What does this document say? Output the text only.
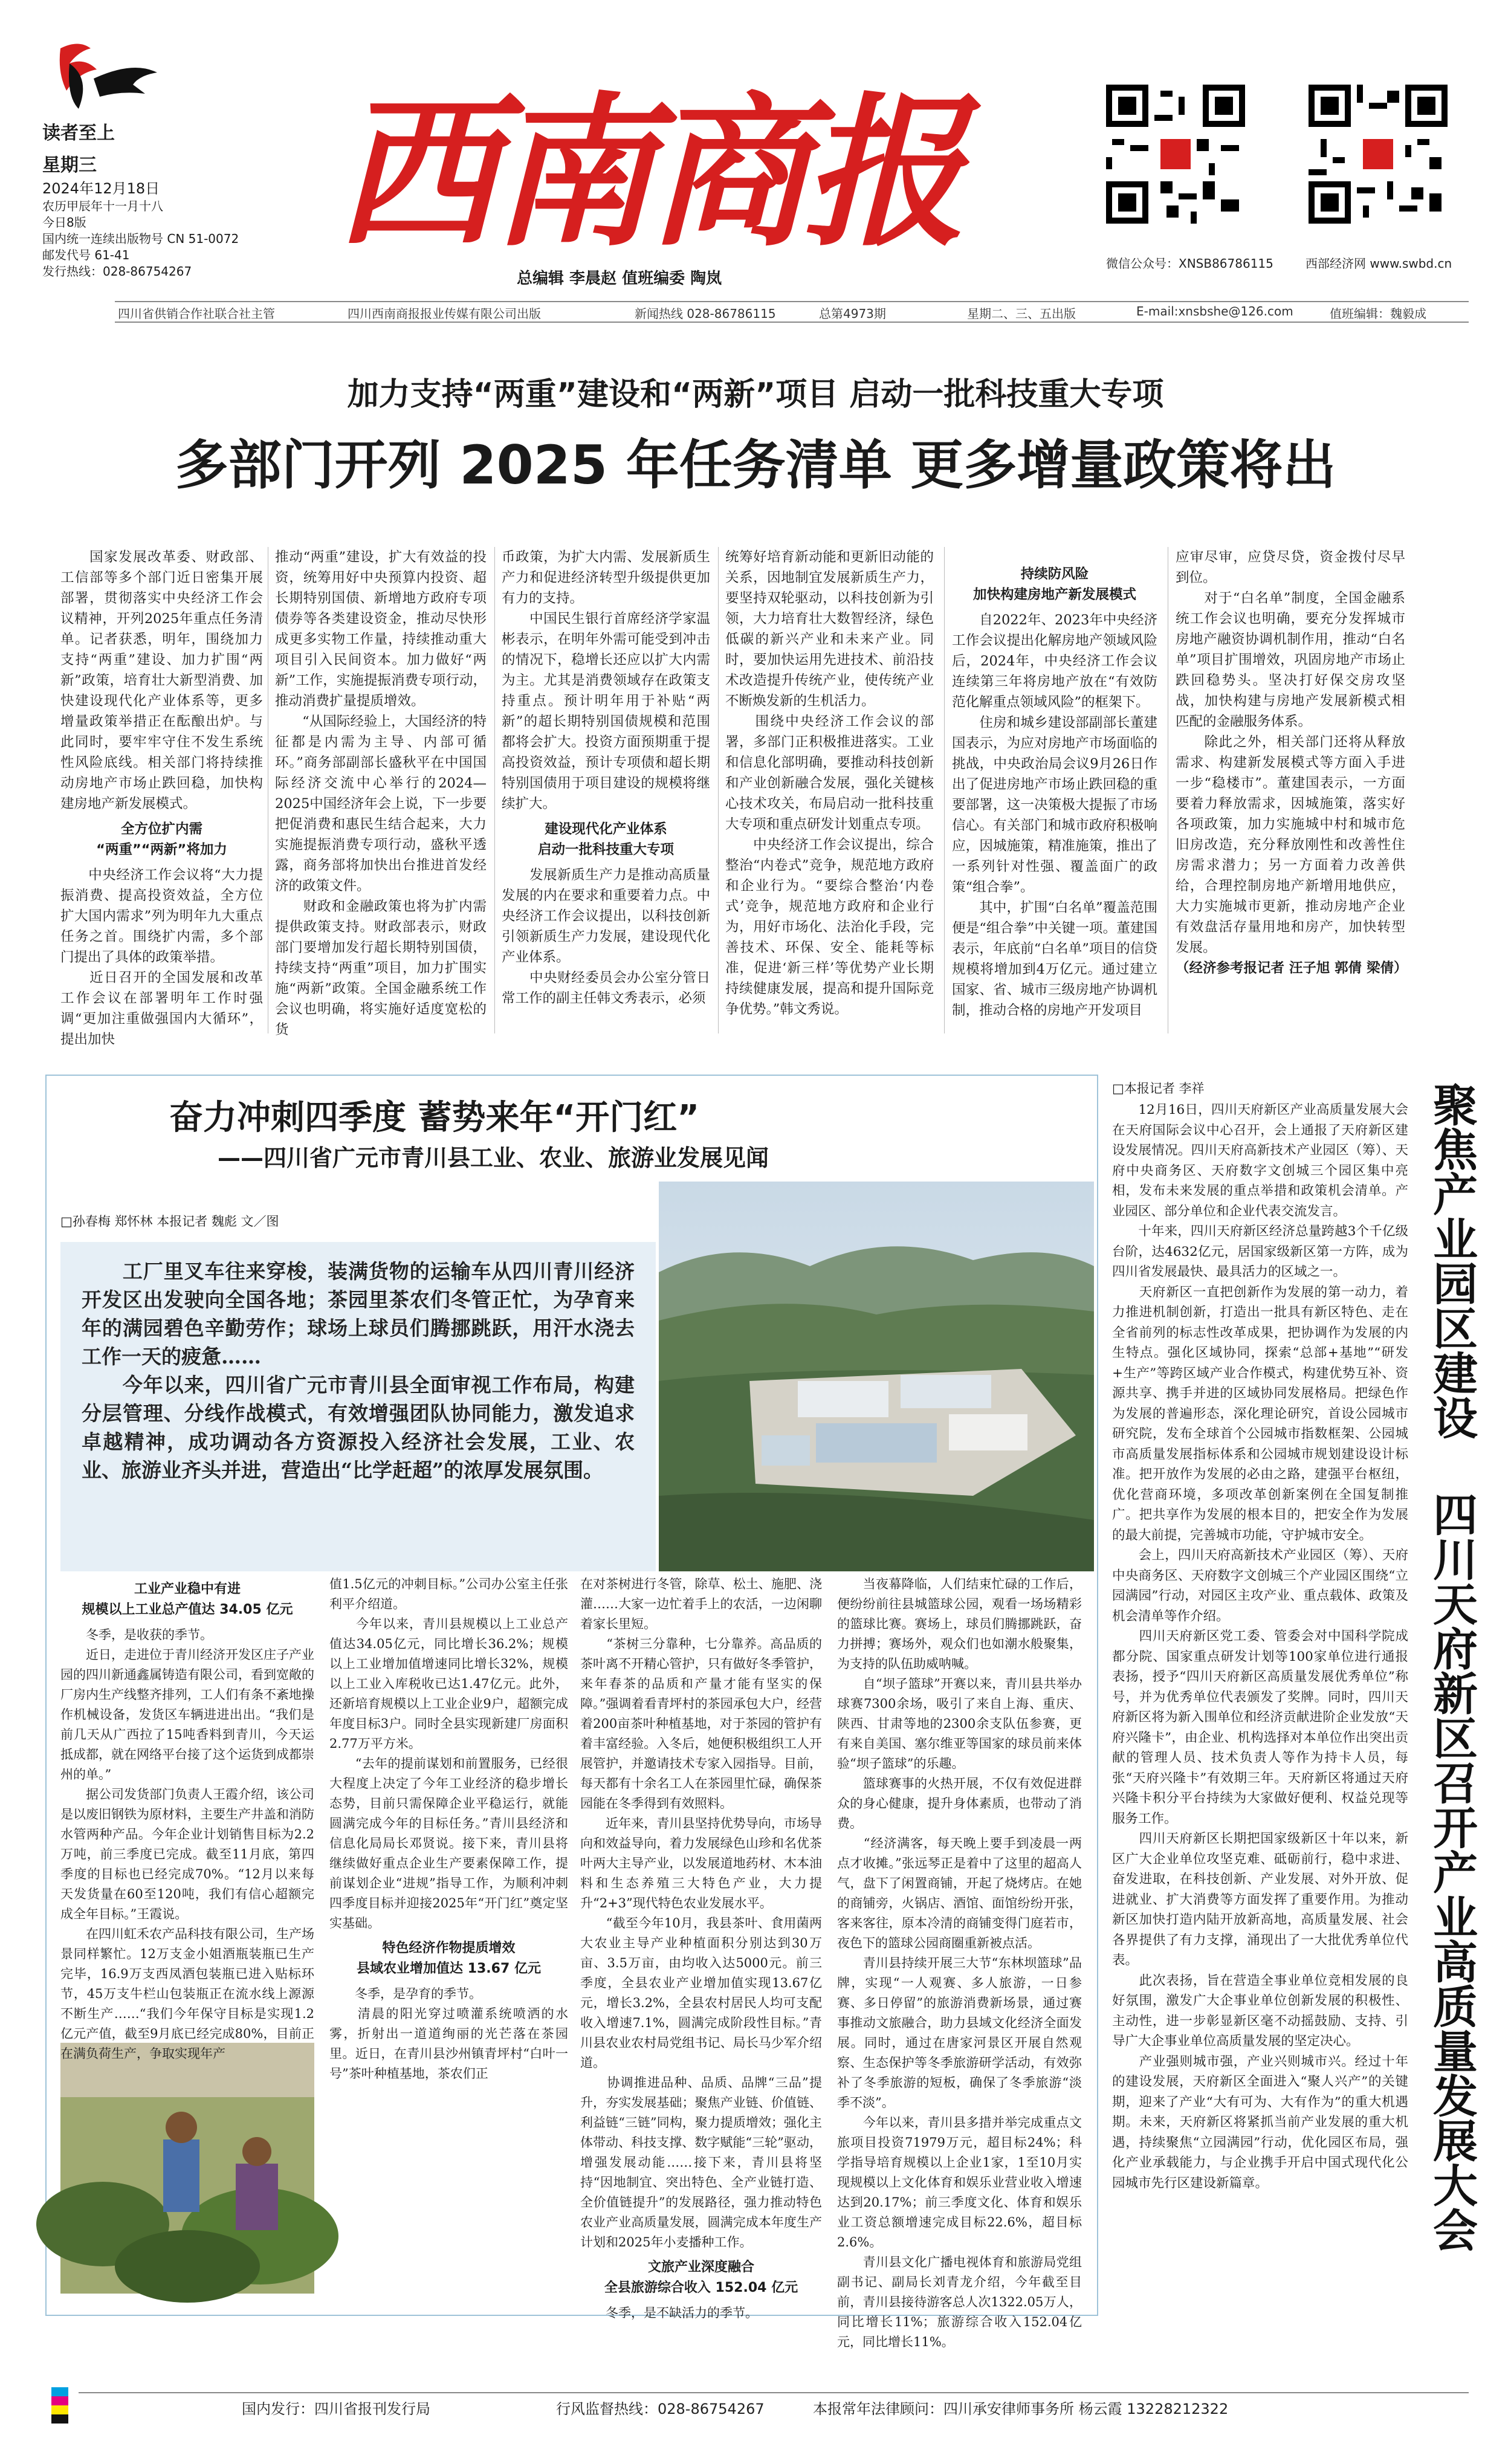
读者至上
星期三
2024年12月18日
农历甲辰年十一月十八
今日8版
国内统一连续出版物号 CN 51-0072
邮发代号 61-41
发行热线：028-86754267
西南商报
总编辑 李晨赵 值班编委 陶岚
微信公众号：XNSB86786115	西部经济网 www.swbd.cn
四川省供销合作社联合社主管	四川西南商报报业传媒有限公司出版	新闻热线 028-86786115	总第4973期	星期二、三、五出版	E-mail:xnsbshe@126.com	值班编辑：魏毅成
加力支持“两重”建设和“两新”项目 启动一批科技重大专项
多部门开列 2025 年任务清单 更多增量政策将出

　　国家发展改革委、财政部、工信部等多个部门近日密集开展部署，贯彻落实中央经济工作会议精神，开列2025年重点任务清单。记者获悉，明年，围绕加力支持“两重”建设、加力扩围“两新”政策，培育壮大新型消费、加快建设现代化产业体系等，更多增量政策举措正在酝酿出炉。与此同时，要牢牢守住不发生系统性风险底线。相关部门将持续推动房地产市场止跌回稳，加快构建房地产新发展模式。

全方位扩内需
“两重”“两新”将加力

　　中央经济工作会议将“大力提振消费、提高投资效益，全方位扩大国内需求”列为明年九大重点任务之首。围绕扩内需，多个部门提出了具体的政策举措。
　　近日召开的全国发展和改革工作会议在部署明年工作时强调“更加注重做强国内大循环”，提出加快

推动“两重”建设，扩大有效益的投资，统筹用好中央预算内投资、超长期特别国债、新增地方政府专项债券等各类建设资金，推动尽快形成更多实物工作量，持续推动重大项目引入民间资本。加力做好“两新”工作，实施提振消费专项行动，推动消费扩量提质增效。
　　“从国际经验上，大国经济的特征都是内需为主导、内部可循环。”商务部副部长盛秋平在中国国际经济交流中心举行的2024—2025中国经济年会上说，下一步要把促消费和惠民生结合起来，大力实施提振消费专项行动，盛秋平透露，商务部将加快出台推进首发经济的政策文件。
　　财政和金融政策也将为扩内需提供政策支持。财政部表示，财政部门要增加发行超长期特别国债，持续支持“两重”项目，加力扩围实施“两新”政策。全国金融系统工作会议也明确，将实施好适度宽松的货

币政策，为扩大内需、发展新质生产力和促进经济转型升级提供更加有力的支持。
　　中国民生银行首席经济学家温彬表示，在明年外需可能受到冲击的情况下，稳增长还应以扩大内需为主。尤其是消费领域存在政策支持重点。预计明年用于补贴“两新”的超长期特别国债规模和范围都将会扩大。投资方面预期重于提高投资效益，预计专项债和超长期特别国债用于项目建设的规模将继续扩大。

建设现代化产业体系
启动一批科技重大专项

　　发展新质生产力是推动高质量发展的内在要求和重要着力点。中央经济工作会议提出，以科技创新引领新质生产力发展，建设现代化产业体系。
　　中央财经委员会办公室分管日常工作的副主任韩文秀表示，必须

统筹好培育新动能和更新旧动能的关系，因地制宜发展新质生产力，要坚持双轮驱动，以科技创新为引领，大力培育壮大数智经济，绿色低碳的新兴产业和未来产业。同时，要加快运用先进技术、前沿技术改造提升传统产业，使传统产业不断焕发新的生机活力。
　　围绕中央经济工作会议的部署，多部门正积极推进落实。工业和信息化部明确，要推动科技创新和产业创新融合发展，强化关键核心技术攻关，布局启动一批科技重大专项和重点研发计划重点专项。
　　中央经济工作会议提出，综合整治“内卷式”竞争，规范地方政府和企业行为。“要综合整治‘内卷式’竞争，规范地方政府和企业行为，用好市场化、法治化手段，完善技术、环保、安全、能耗等标准，促进‘新三样’等优势产业长期持续健康发展，提高和提升国际竞争优势。”韩文秀说。

持续防风险
加快构建房地产新发展模式

　　自2022年、2023年中央经济工作会议提出化解房地产领域风险后，2024年，中央经济工作会议连续第三年将房地产放在“有效防范化解重点领域风险”的框架下。
　　住房和城乡建设部副部长董建国表示，为应对房地产市场面临的挑战，中央政治局会议9月26日作出了促进房地产市场止跌回稳的重要部署，这一决策极大提振了市场信心。有关部门和城市政府积极响应，因城施策，精准施策，推出了一系列针对性强、覆盖面广的政策“组合拳”。
　　其中，扩围“白名单”覆盖范围便是“组合拳”中关键一项。董建国表示，年底前“白名单”项目的信贷规模将增加到4万亿元。通过建立国家、省、城市三级房地产协调机制，推动合格的房地产开发项目

应审尽审，应贷尽贷，资金拨付尽早到位。
　　对于“白名单”制度，全国金融系统工作会议也明确，要充分发挥城市房地产融资协调机制作用，推动“白名单”项目扩围增效，巩固房地产市场止跌回稳势头。坚决打好保交房攻坚战，加快构建与房地产发展新模式相匹配的金融服务体系。
　　除此之外，相关部门还将从释放需求、构建新发展模式等方面入手进一步“稳楼市”。董建国表示，一方面要着力释放需求，因城施策，落实好各项政策，加力实施城中村和城市危旧房改造，充分释放刚性和改善性住房需求潜力；另一方面着力改善供给，合理控制房地产新增用地供应，大力实施城市更新，推动房地产企业有效盘活存量用地和房产，加快转型发展。

（经济参考报记者 汪子旭 郭倩 梁倩）

奋力冲刺四季度 蓄势来年“开门红”
——四川省广元市青川县工业、农业、旅游业发展见闻
□孙春梅 郑怀林 本报记者 魏彪 文／图

　　工厂里叉车往来穿梭，装满货物的运输车从四川青川经济开发区出发驶向全国各地；茶园里茶农们冬管正忙，为孕育来年的满园碧色辛勤劳作；球场上球员们腾挪跳跃，用汗水浇去工作一天的疲惫……
　　今年以来，四川省广元市青川县全面审视工作布局，构建分层管理、分线作战模式，有效增强团队协同能力，激发追求卓越精神，成功调动各方资源投入经济社会发展，工业、农业、旅游业齐头并进，营造出“比学赶超”的浓厚发展氛围。

工业产业稳中有进
规模以上工业总产值达 34.05 亿元

　　冬季，是收获的季节。
　　近日，走进位于青川经济开发区庄子产业园的四川新通鑫属铸造有限公司，看到宽敞的厂房内生产线整齐排列，工人们有条不紊地操作机械设备，发货区车辆进进出出。“我们是前几天从广西拉了15吨香料到青川，今天运抵成都，就在网络平台接了这个运货到成都崇州的单。”
　　据公司发货部门负责人王霞介绍，该公司是以废旧钢铁为原材料，主要生产井盖和消防水管两种产品。今年企业计划销售目标为2.2万吨，前三季度已完成。截至11月底，第四季度的目标也已经完成70%。“12月以来每天发货量在60至120吨，我们有信心超额完成全年目标。”王霞说。
　　在四川虹禾农产品科技有限公司，生产场景同样繁忙。12万支金小姐酒瓶装瓶已生产完毕，16.9万支西凤酒包装瓶已进入贴标环节，45万支牛栏山包装瓶正在流水线上源源不断生产……“我们今年保守目标是实现1.2亿元产值，截至9月底已经完成80%，目前正在满负荷生产，争取实现年产

值1.5亿元的冲刺目标。”公司办公室主任张利平介绍道。
　　今年以来，青川县规模以上工业总产值达34.05亿元，同比增长36.2%；规模以上工业增加值增速同比增长32%，规模以上工业入库税收已达1.47亿元。此外，还新培育规模以上工业企业9户，超额完成年度目标3户。同时全县实现新建厂房面积2.77万平方米。
　　“去年的提前谋划和前置服务，已经很大程度上决定了今年工业经济的稳步增长态势，目前只需保障企业平稳运行，就能圆满完成今年的目标任务。”青川县经济和信息化局局长邓贤说。接下来，青川县将继续做好重点企业生产要素保障工作，提前谋划企业“进规”指导工作，为顺利冲刺四季度目标并迎接2025年“开门红”奠定坚实基础。

特色经济作物提质增效
县域农业增加值达 13.67 亿元

　　冬季，是孕育的季节。
　　清晨的阳光穿过喷灌系统喷洒的水雾，折射出一道道绚丽的光芒落在茶园里。近日，在青川县沙州镇青坪村“白叶一号”茶叶种植基地，茶农们正

在对茶树进行冬管，除草、松土、施肥、浇灌……大家一边忙着手上的农活，一边闲聊着家长里短。
　　“茶树三分靠种，七分靠养。高品质的茶叶离不开精心管护，只有做好冬季管护，来年春茶的品质和产量才能有坚实的保障。”强调着看青坪村的茶园承包大户，经营着200亩茶叶种植基地，对于茶园的管护有着丰富经验。入冬后，她便积极组织工人开展管护，并邀请技术专家入园指导。目前，每天都有十余名工人在茶园里忙碌，确保茶园能在冬季得到有效照料。
　　近年来，青川县坚持优势导向，市场导向和效益导向，着力发展绿色山珍和名优茶叶两大主导产业，以发展道地药材、木本油料和生态养殖三大特色产业，大力提升“2+3”现代特色农业发展水平。
　　“截至今年10月，我县茶叶、食用菌两大农业主导产业种植面积分别达到30万亩、3.5万亩，由均收入达5000元。前三季度，全县农业产业增加值实现13.67亿元，增长3.2%，全县农村居民人均可支配收入增速7.1%，圆满完成阶段性目标。”青川县农业农村局党组书记、局长马少军介绍道。
　　协调推进品种、品质、品牌“三品”提升，夯实发展基础；聚焦产业链、价值链、利益链“三链”同构，聚力提质增效；强化主体带动、科技支撑、数字赋能“三轮”驱动，增强发展动能……接下来，青川县将坚持“因地制宜、突出特色、全产业链打造、全价值链提升”的发展路径，强力推动特色农业产业高质量发展，圆满完成本年度生产计划和2025年小麦播种工作。

文旅产业深度融合
全县旅游综合收入 152.04 亿元

　　冬季，是不缺活力的季节。

　　当夜幕降临，人们结束忙碌的工作后，便纷纷前往县城篮球公园，观看一场场精彩的篮球比赛。赛场上，球员们腾挪跳跃，奋力拼搏；赛场外，观众们也如潮水般聚集，为支持的队伍助威呐喊。
　　自“坝子篮球”开赛以来，青川县共举办球赛7300余场，吸引了来自上海、重庆、陕西、甘肃等地的2300余支队伍参赛，更有来自美国、塞尔维亚等国家的球员前来体验“坝子篮球”的乐趣。
　　篮球赛事的火热开展，不仅有效促进群众的身心健康，提升身体素质，也带动了消费。
　　“经济满客，每天晚上要手到凌晨一两点才收摊。”张远琴正是着中了这里的超高人气，盘下了闲置商铺，开起了烧烤店。在她的商铺旁，火锅店、酒馆、面馆纷纷开张，客来客往，原本冷清的商铺变得门庭若市，夜色下的篮球公园商圈重新被点活。
　　青川县持续开展三大节“东林坝篮球”品牌，实现“一人观赛、多人旅游，一日参赛、多日停留”的旅游消费新场景，通过赛事推动文旅融合，助力县域文化经济全面发展。同时，通过在唐家河景区开展自然观察、生态保护等冬季旅游研学活动，有效弥补了冬季旅游的短板，确保了冬季旅游“淡季不淡”。
　　今年以来，青川县多措并举完成重点文旅项目投资71979万元，超目标24%；科学指导培育规模以上企业1家，1至10月实现规模以上文化体育和娱乐业营业收入增速达到20.17%；前三季度文化、体育和娱乐业工资总额增速完成目标22.6%，超目标2.6%。
　　青川县文化广播电视体育和旅游局党组副书记、副局长刘青龙介绍，今年截至目前，青川县接待游客总人次1322.05万人，同比增长11%；旅游综合收入152.04亿元，同比增长11%。

□本报记者 李祥

　　12月16日，四川天府新区产业高质量发展大会在天府国际会议中心召开，会上通报了天府新区建设发展情况。四川天府高新技术产业园区（筹）、天府中央商务区、天府数字文创城三个园区集中亮相，发布未来发展的重点举措和政策机会清单。产业园区、部分单位和企业代表交流发言。
　　十年来，四川天府新区经济总量跨越3个千亿级台阶，达4632亿元，居国家级新区第一方阵，成为四川省发展最快、最具活力的区域之一。
　　天府新区一直把创新作为发展的第一动力，着力推进机制创新，打造出一批具有新区特色、走在全省前列的标志性改革成果，把协调作为发展的内生特点。强化区域协同，探索“总部+基地”“研发+生产”等跨区域产业合作模式，构建优势互补、资源共享、携手并进的区域协同发展格局。把绿色作为发展的普遍形态，深化理论研究，首设公园城市研究院，发布全球首个公园城市指数框架、公园城市高质量发展指标体系和公园城市规划建设设计标准。把开放作为发展的必由之路，建强平台枢纽，优化营商环境，多项改革创新案例在全国复制推广。把共享作为发展的根本目的，把安全作为发展的最大前提，完善城市功能，守护城市安全。
　　会上，四川天府高新技术产业园区（筹）、天府中央商务区、天府数字文创城三个产业园区围绕“立园满园”行动，对园区主攻产业、重点载体、政策及机会清单等作介绍。
　　四川天府新区党工委、管委会对中国科学院成都分院、国家重点研发计划等100家单位进行通报表扬，授予“四川天府新区高质量发展优秀单位”称号，并为优秀单位代表颁发了奖牌。同时，四川天府新区将为新入围单位和经济贡献进阶企业发放“天府兴隆卡”，由企业、机构选择对本单位作出突出贡献的管理人员、技术负责人等作为持卡人员，每张“天府兴隆卡”有效期三年。天府新区将通过天府兴隆卡积分平台持续为大家做好便利、权益兑现等服务工作。
　　四川天府新区长期把国家级新区十年以来，新区广大企业单位攻坚克难、砥砺前行，稳中求进、奋发进取，在科技创新、产业发展、对外开放、促进就业、扩大消费等方面发挥了重要作用。为推动新区加快打造内陆开放新高地，高质量发展、社会各界提供了有力支撑，涌现出了一大批优秀单位代表。
　　此次表扬，旨在营造全事业单位竞相发展的良好氛围，激发广大企事业单位创新发展的积极性、主动性，进一步彰显新区毫不动摇鼓励、支持、引导广大企事业单位高质量发展的坚定决心。
　　产业强则城市强，产业兴则城市兴。经过十年的建设发展，天府新区全面进入“聚人兴产”的关键期，迎来了产业“大有可为、大有作为”的重大机遇期。未来，天府新区将紧抓当前产业发展的重大机遇，持续聚焦“立园满园”行动，优化园区布局，强化产业承载能力，与企业携手开启中国式现代化公园城市先行区建设新篇章。	聚焦产业园区建设 四川天府新区召开产业高质量发展大会
国内发行：四川省报刊发行局	行风监督热线：028-86754267	本报常年法律顾问：四川承安律师事务所 杨云霞 13228212322
